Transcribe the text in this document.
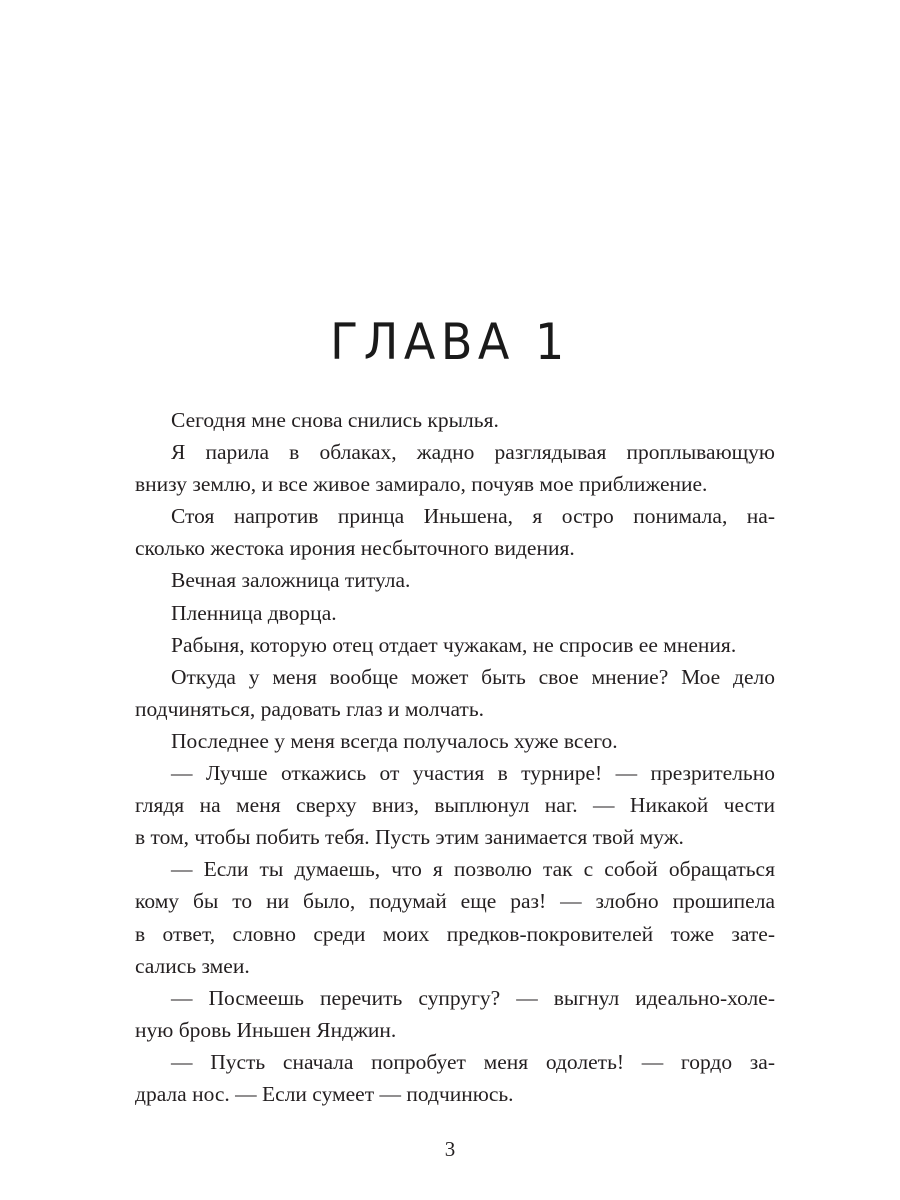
ГЛАВА 1
Сегодня мне снова снились крылья.
Я парила в облаках, жадно разглядывая проплывающую
внизу землю, и все живое замирало, почуяв мое приближение.
Стоя напротив принца Иньшена, я остро понимала, на-
сколько жестока ирония несбыточного видения.
Вечная заложница титула.
Пленница дворца.
Рабыня, которую отец отдает чужакам, не спросив ее мнения.
Откуда у меня вообще может быть свое мнение? Мое дело
подчиняться, радовать глаз и молчать.
Последнее у меня всегда получалось хуже всего.
— Лучше откажись от участия в турнире! — презрительно
глядя на меня сверху вниз, выплюнул наг. — Никакой чести
в том, чтобы побить тебя. Пусть этим занимается твой муж.
— Если ты думаешь, что я позволю так с собой обращаться
кому бы то ни было, подумай еще раз! — злобно прошипела
в ответ, словно среди моих предков-покровителей тоже зате-
сались змеи.
— Посмеешь перечить супругу? — выгнул идеально-холе-
ную бровь Иньшен Янджин.
— Пусть сначала попробует меня одолеть! — гордо за-
драла нос. — Если сумеет — подчинюсь.
3
